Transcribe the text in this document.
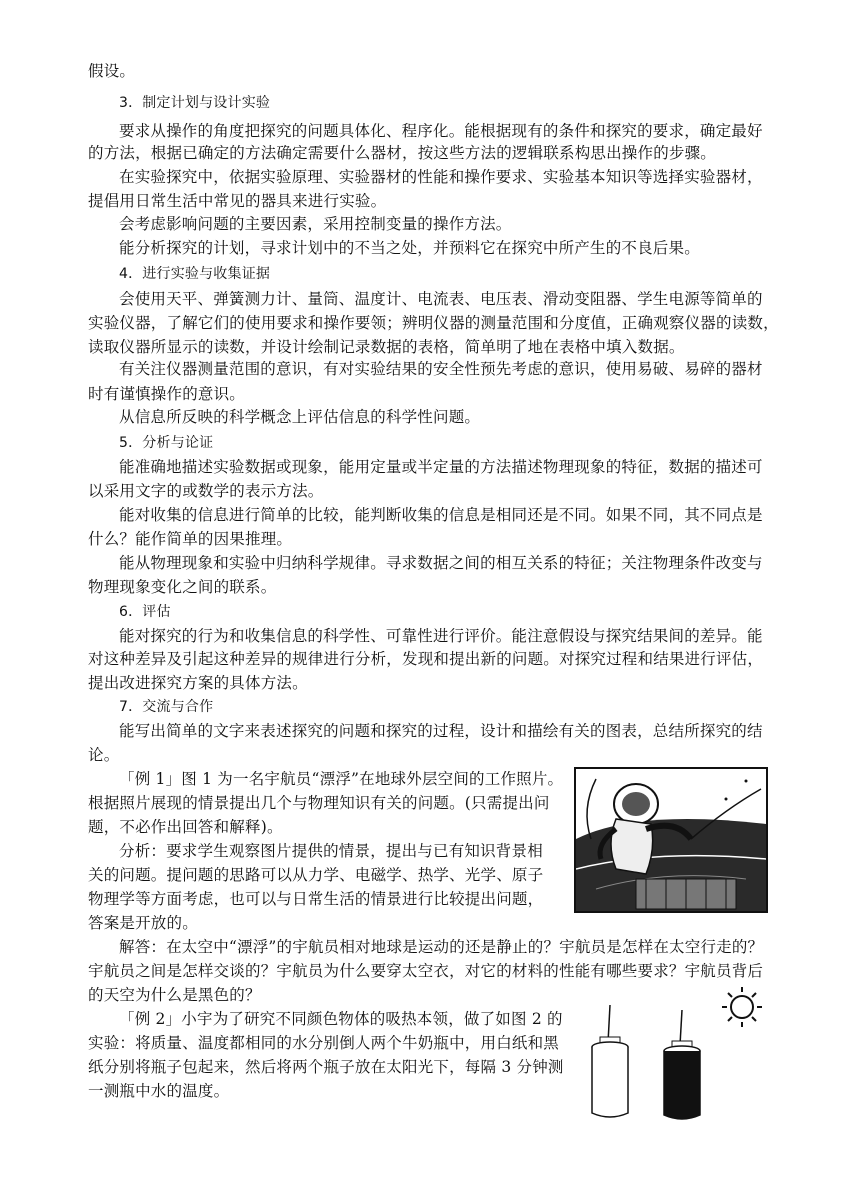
假设。
3．制定计划与设计实验
要求从操作的角度把探究的问题具体化、程序化。能根据现有的条件和探究的要求，确定最好
的方法，根据已确定的方法确定需要什么器材，按这些方法的逻辑联系构思出操作的步骤。
在实验探究中，依据实验原理、实验器材的性能和操作要求、实验基本知识等选择实验器材，
提倡用日常生活中常见的器具来进行实验。
会考虑影响问题的主要因素，采用控制变量的操作方法。
能分析探究的计划，寻求计划中的不当之处，并预料它在探究中所产生的不良后果。
4．进行实验与收集证据
会使用天平、弹簧测力计、量筒、温度计、电流表、电压表、滑动变阻器、学生电源等简单的
实验仪器，了解它们的使用要求和操作要领；辨明仪器的测量范围和分度值，正确观察仪器的读数，
读取仪器所显示的读数，并设计绘制记录数据的表格，简单明了地在表格中填入数据。
有关注仪器测量范围的意识，有对实验结果的安全性预先考虑的意识，使用易破、易碎的器材
时有谨慎操作的意识。
从信息所反映的科学概念上评估信息的科学性问题。
5．分析与论证
能准确地描述实验数据或现象，能用定量或半定量的方法描述物理现象的特征，数据的描述可
以采用文字的或数学的表示方法。
能对收集的信息进行简单的比较，能判断收集的信息是相同还是不同。如果不同，其不同点是
什么？能作简单的因果推理。
能从物理现象和实验中归纳科学规律。寻求数据之间的相互关系的特征；关注物理条件改变与
物理现象变化之间的联系。
6．评估
能对探究的行为和收集信息的科学性、可靠性进行评价。能注意假设与探究结果间的差异。能
对这种差异及引起这种差异的规律进行分析，发现和提出新的问题。对探究过程和结果进行评估，
提出改进探究方案的具体方法。
7．交流与合作
能写出简单的文字来表述探究的问题和探究的过程，设计和描绘有关的图表，总结所探究的结
论。
「例 1」图 1 为一名宇航员“漂浮”在地球外层空间的工作照片。
根据照片展现的情景提出几个与物理知识有关的问题。(只需提出问
题，不必作出回答和解释)。
分析：要求学生观察图片提供的情景，提出与已有知识背景相
关的问题。提问题的思路可以从力学、电磁学、热学、光学、原子
物理学等方面考虑，也可以与日常生活的情景进行比较提出问题，
答案是开放的。
解答：在太空中“漂浮”的宇航员相对地球是运动的还是静止的？宇航员是怎样在太空行走的？
宇航员之间是怎样交谈的？宇航员为什么要穿太空衣，对它的材料的性能有哪些要求？宇航员背后
的天空为什么是黑色的？
「例 2」小宇为了研究不同颜色物体的吸热本领，做了如图 2 的
实验：将质量、温度都相同的水分别倒人两个牛奶瓶中，用白纸和黑
纸分别将瓶子包起来，然后将两个瓶子放在太阳光下，每隔 3 分钟测
一测瓶中水的温度。
